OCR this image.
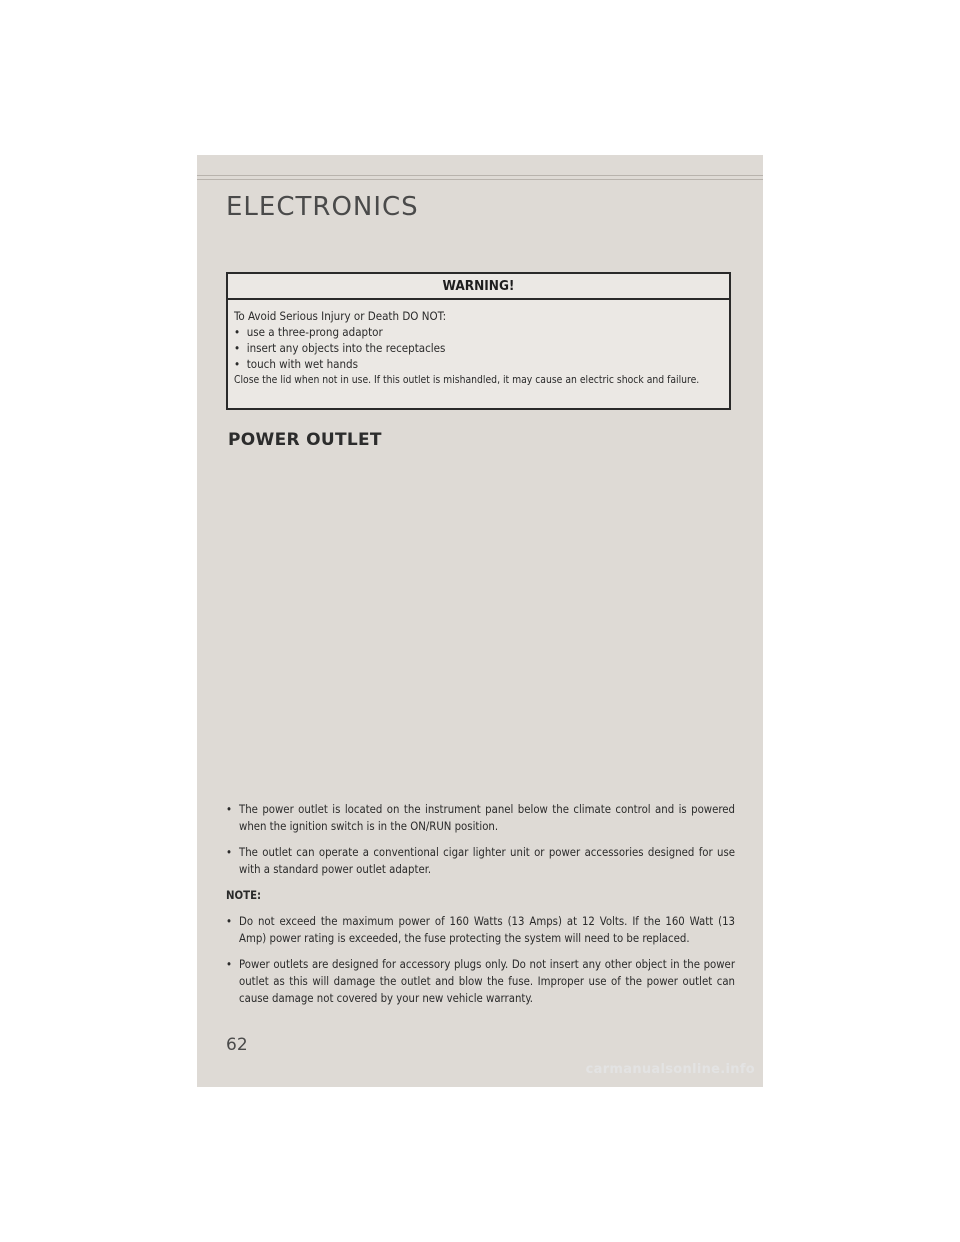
ELECTRONICS
WARNING!
To Avoid Serious Injury or Death DO NOT:
• use a three-prong adaptor
• insert any objects into the receptacles
• touch with wet hands
Close the lid when not in use. If this outlet is mishandled, it may cause an electric shock and failure.
POWER OUTLET

• The power outlet is located on the instrument panel below the climate control and is powered when the ignition switch is in the ON/RUN position.

• The outlet can operate a conventional cigar lighter unit or power accessories designed for use with a standard power outlet adapter.

NOTE:

• Do not exceed the maximum power of 160 Watts (13 Amps) at 12 Volts. If the 160 Watt (13 Amp) power rating is exceeded, the fuse protecting the system will need to be replaced.

• Power outlets are designed for accessory plugs only. Do not insert any other object in the power outlet as this will damage the outlet and blow the fuse. Improper use of the power outlet can cause damage not covered by your new vehicle warranty.

62
carmanualsonline.info
